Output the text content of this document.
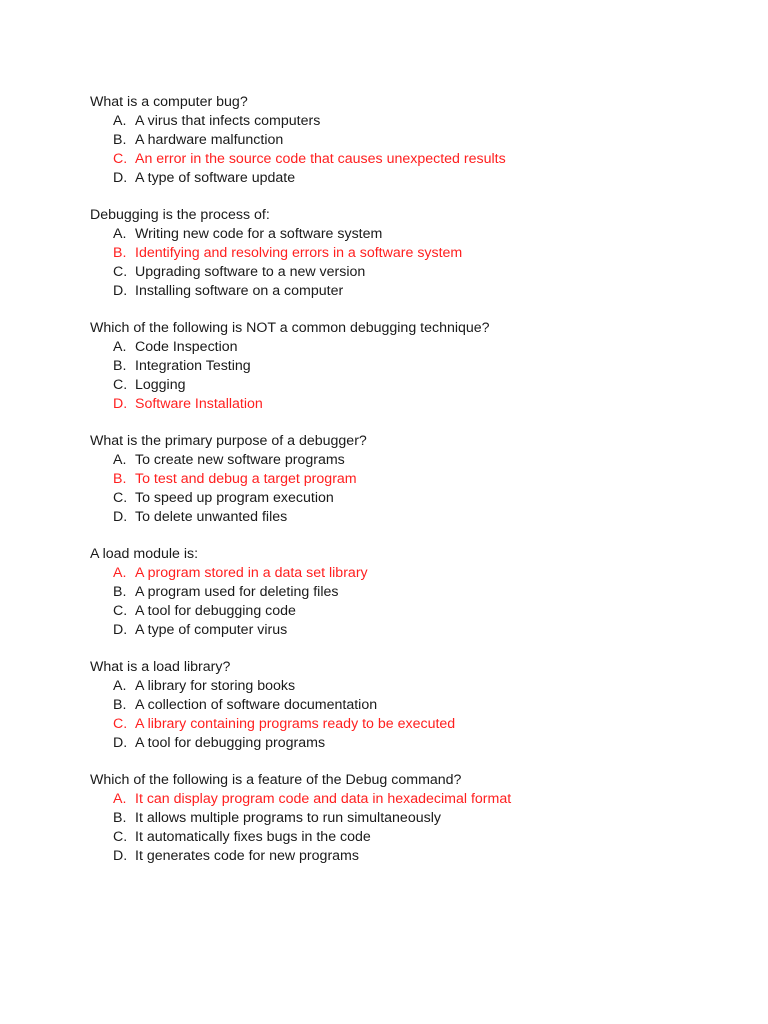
What is a computer bug?
A. A virus that infects computers
B. A hardware malfunction
C. An error in the source code that causes unexpected results
D. A type of software update
Debugging is the process of:
A. Writing new code for a software system
B. Identifying and resolving errors in a software system
C. Upgrading software to a new version
D. Installing software on a computer
Which of the following is NOT a common debugging technique?
A. Code Inspection
B. Integration Testing
C. Logging
D. Software Installation
What is the primary purpose of a debugger?
A. To create new software programs
B. To test and debug a target program
C. To speed up program execution
D. To delete unwanted files
A load module is:
A. A program stored in a data set library
B. A program used for deleting files
C. A tool for debugging code
D. A type of computer virus
What is a load library?
A. A library for storing books
B. A collection of software documentation
C. A library containing programs ready to be executed
D. A tool for debugging programs
Which of the following is a feature of the Debug command?
A. It can display program code and data in hexadecimal format
B. It allows multiple programs to run simultaneously
C. It automatically fixes bugs in the code
D. It generates code for new programs
